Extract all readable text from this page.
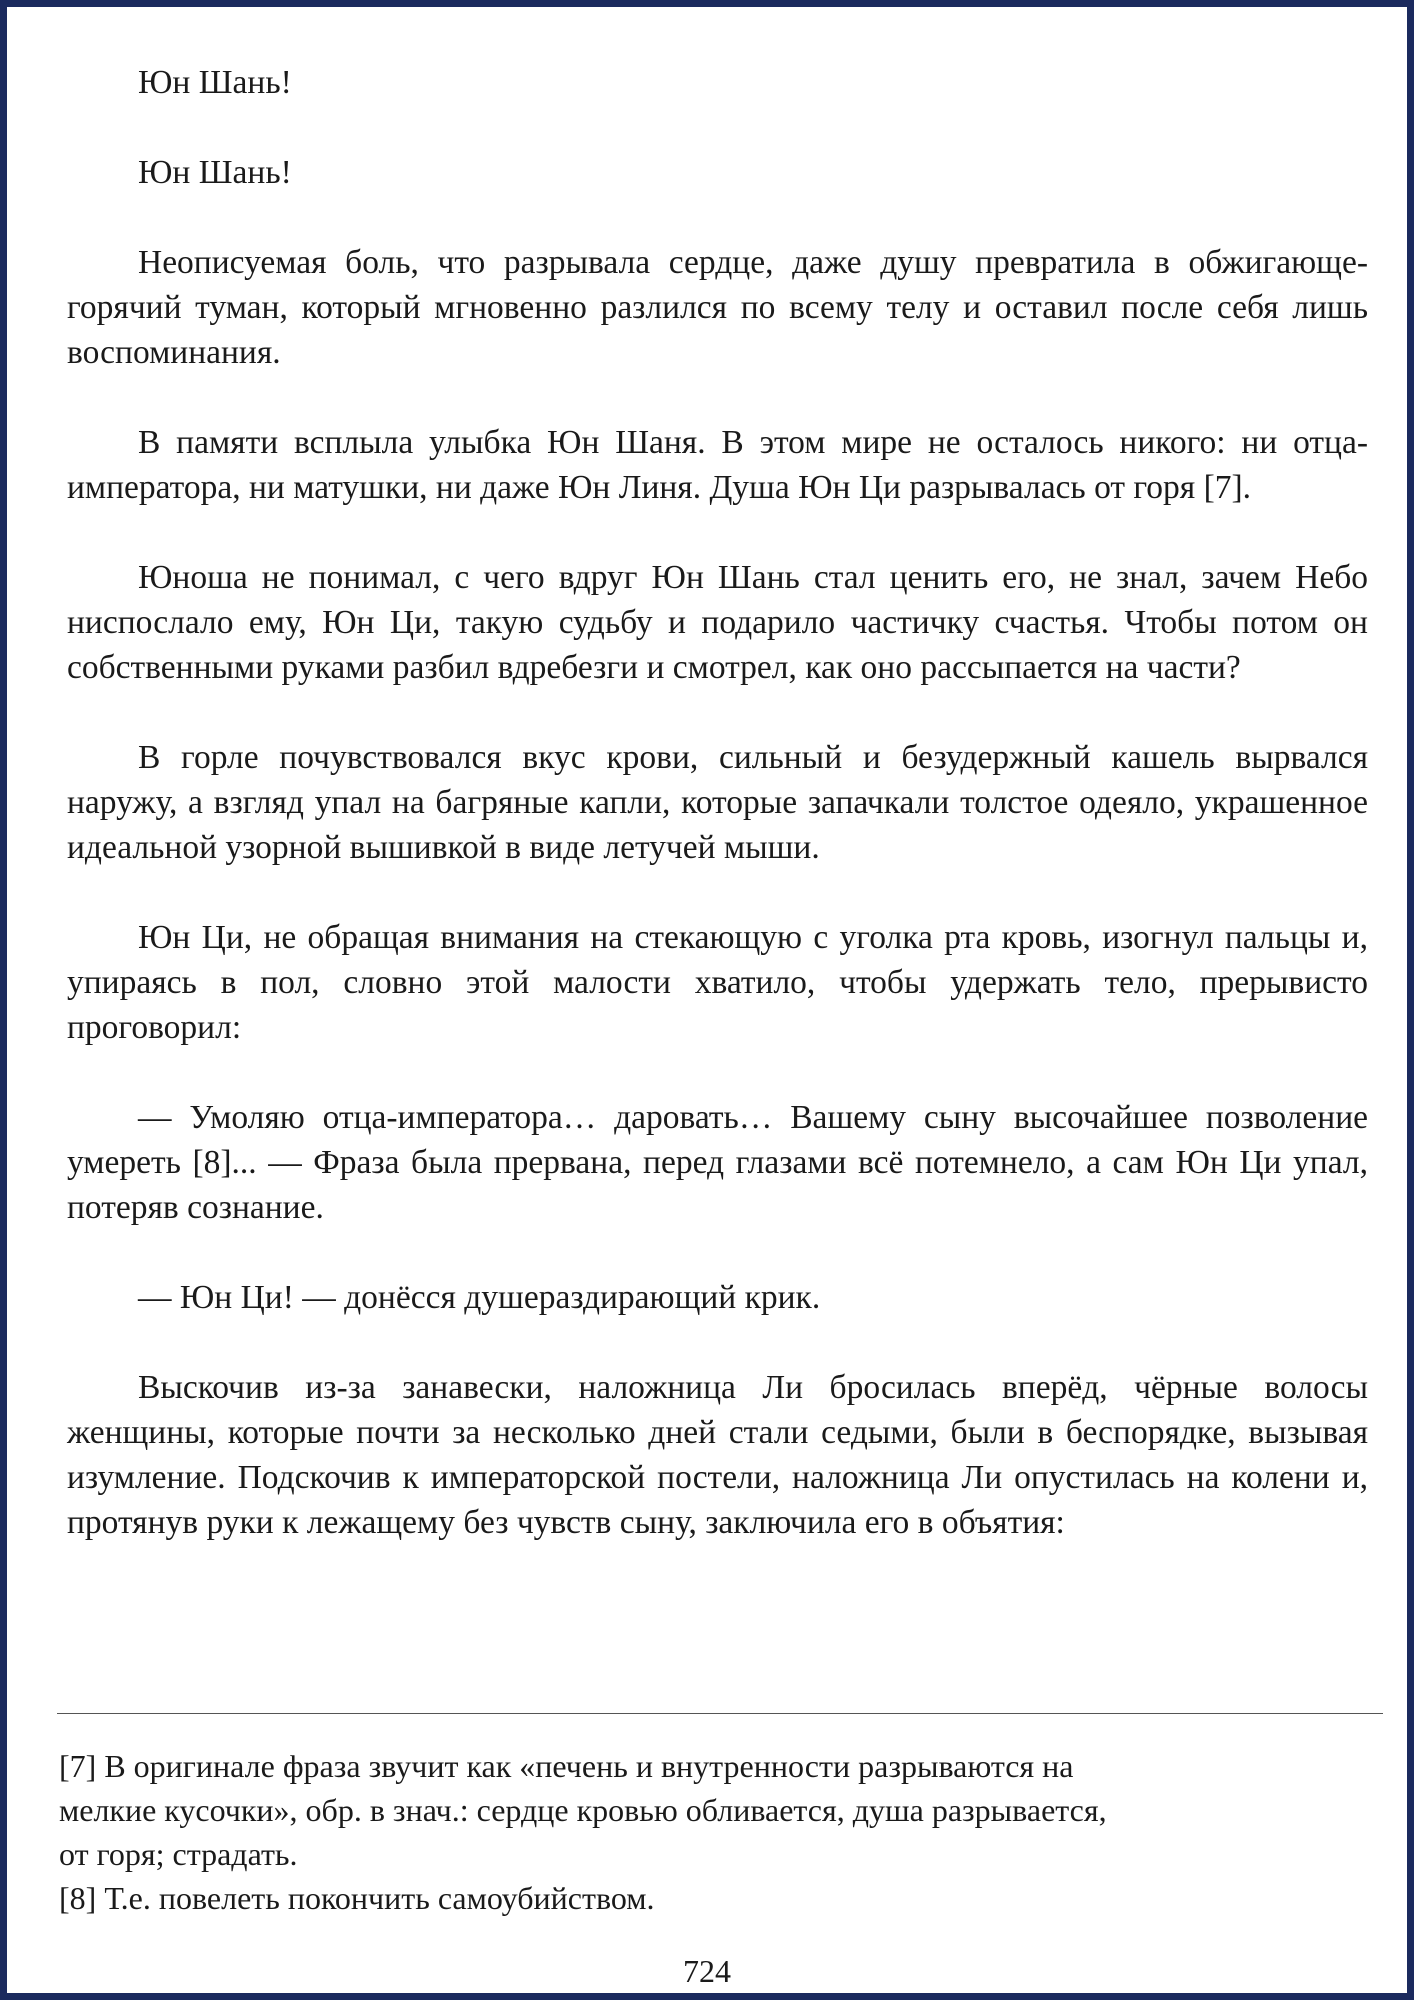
Юн Шань!

Юн Шань!

Неописуемая боль, что разрывала сердце, даже душу превратила в обжигающе-горячий туман, который мгновенно разлился по всему телу и оставил после себя лишь воспоминания.

В памяти всплыла улыбка Юн Шаня. В этом мире не осталось никого: ни отца-императора, ни матушки, ни даже Юн Линя. Душа Юн Ци разрывалась от горя [7].

Юноша не понимал, с чего вдруг Юн Шань стал ценить его, не знал, зачем Небо ниспослало ему, Юн Ци, такую судьбу и подарило частичку счастья. Чтобы потом он собственными руками разбил вдребезги и смотрел, как оно рассыпается на части?

В горле почувствовался вкус крови, сильный и безудержный кашель вырвался наружу, а взгляд упал на багряные капли, которые запачкали толстое одеяло, украшенное идеальной узорной вышивкой в виде летучей мыши.

Юн Ци, не обращая внимания на стекающую с уголка рта кровь, изогнул пальцы и, упираясь в пол, словно этой малости хватило, чтобы удержать тело, прерывисто проговорил:

— Умоляю отца-императора… даровать… Вашему сыну высочайшее позволение умереть [8]... — Фраза была прервана, перед глазами всё потемнело, а сам Юн Ци упал, потеряв сознание.

— Юн Ци! — донёсся душераздирающий крик.

Выскочив из-за занавески, наложница Ли бросилась вперёд, чёрные волосы женщины, которые почти за несколько дней стали седыми, были в беспорядке, вызывая изумление. Подскочив к императорской постели, наложница Ли опустилась на колени и, протянув руки к лежащему без чувств сыну, заключила его в объятия:

[7] В оригинале фраза звучит как «печень и внутренности разрываются на
мелкие кусочки», обр. в знач.: сердце кровью обливается, душа разрывается,
от горя; страдать.

[8] Т.е. повелеть покончить самоубийством.

724
